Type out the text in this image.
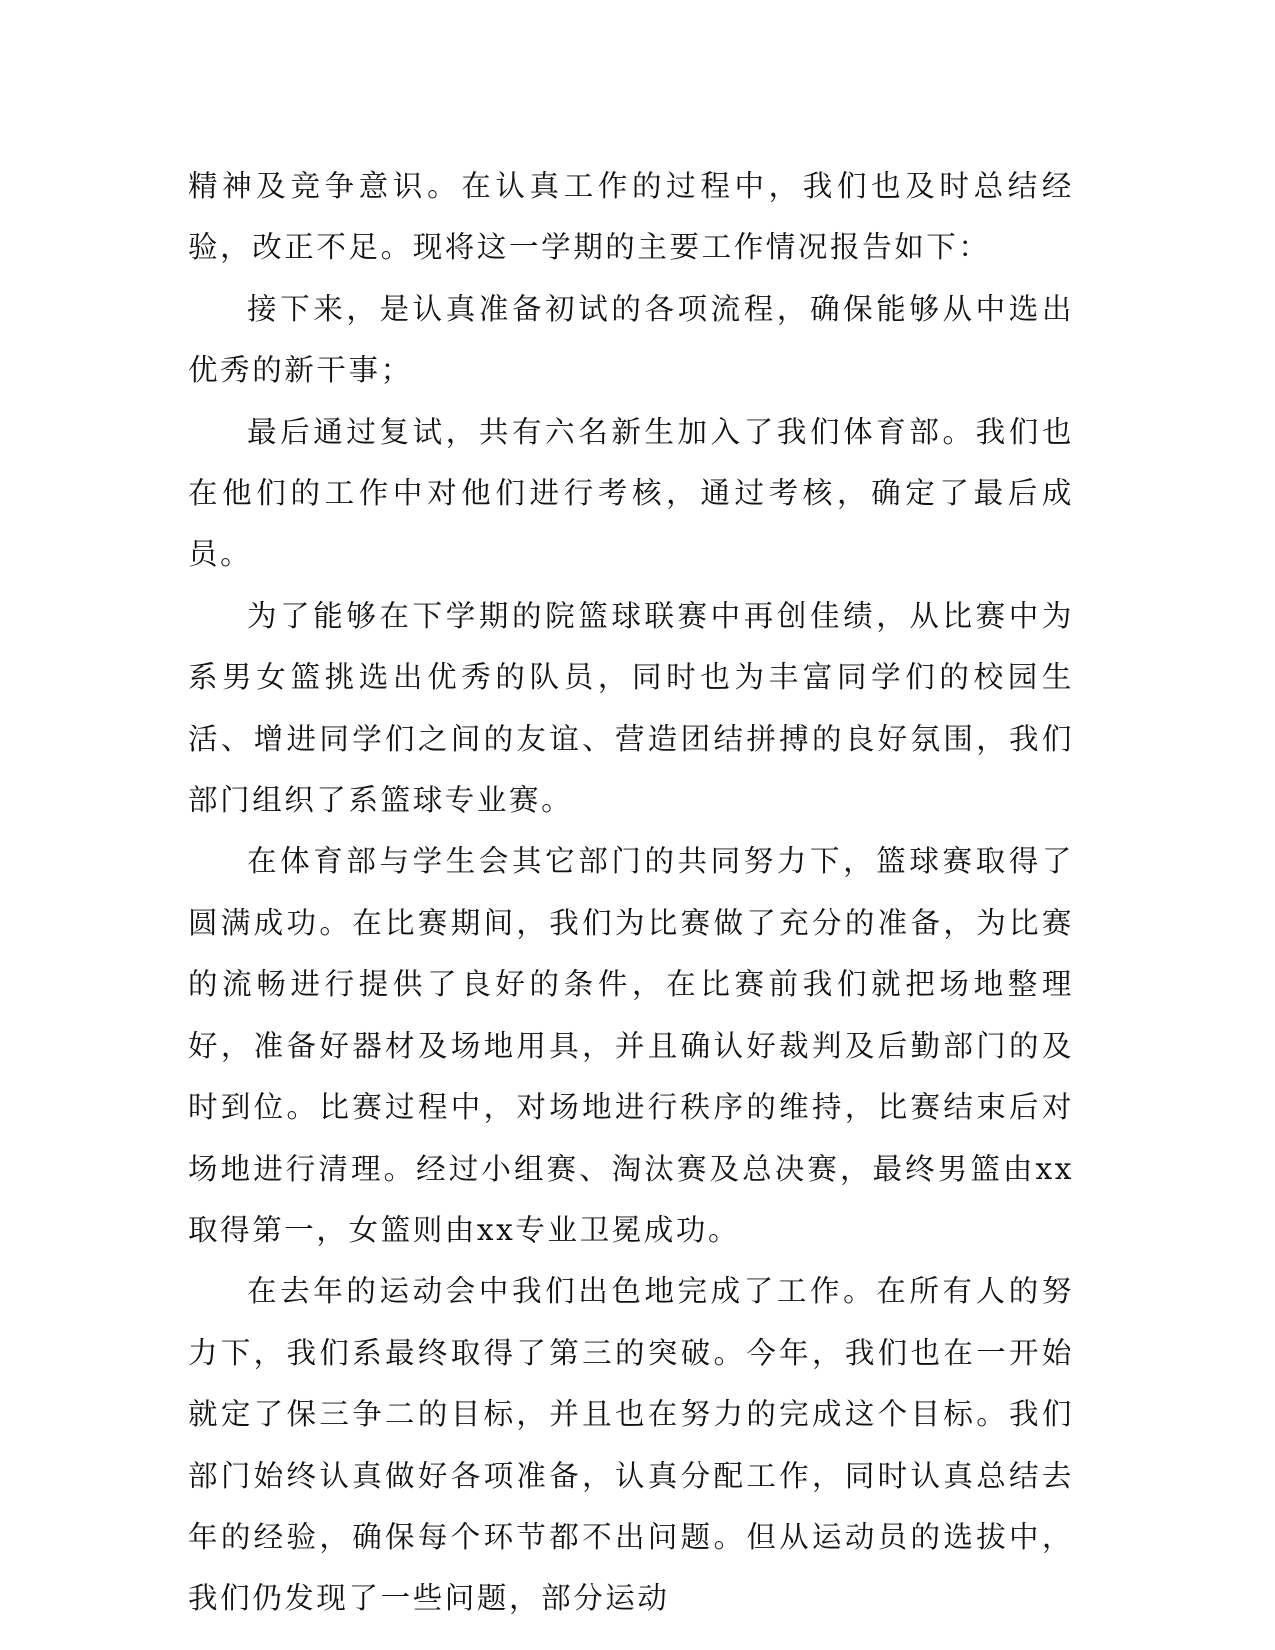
精神及竞争意识。在认真工作的过程中，我们也及时总结经验，改正不足。现将这一学期的主要工作情况报告如下：

接下来，是认真准备初试的各项流程，确保能够从中选出优秀的新干事；

最后通过复试，共有六名新生加入了我们体育部。我们也在他们的工作中对他们进行考核，通过考核，确定了最后成员。

为了能够在下学期的院篮球联赛中再创佳绩，从比赛中为系男女篮挑选出优秀的队员，同时也为丰富同学们的校园生活、增进同学们之间的友谊、营造团结拼搏的良好氛围，我们部门组织了系篮球专业赛。

在体育部与学生会其它部门的共同努力下，篮球赛取得了圆满成功。在比赛期间，我们为比赛做了充分的准备，为比赛的流畅进行提供了良好的条件，在比赛前我们就把场地整理好，准备好器材及场地用具，并且确认好裁判及后勤部门的及时到位。比赛过程中，对场地进行秩序的维持，比赛结束后对场地进行清理。经过小组赛、淘汰赛及总决赛，最终男篮由xx取得第一，女篮则由xx专业卫冕成功。

在去年的运动会中我们出色地完成了工作。在所有人的努力下，我们系最终取得了第三的突破。今年，我们也在一开始就定了保三争二的目标，并且也在努力的完成这个目标。我们部门始终认真做好各项准备，认真分配工作，同时认真总结去年的经验，确保每个环节都不出问题。但从运动员的选拔中，我们仍发现了一些问题，部分运动
